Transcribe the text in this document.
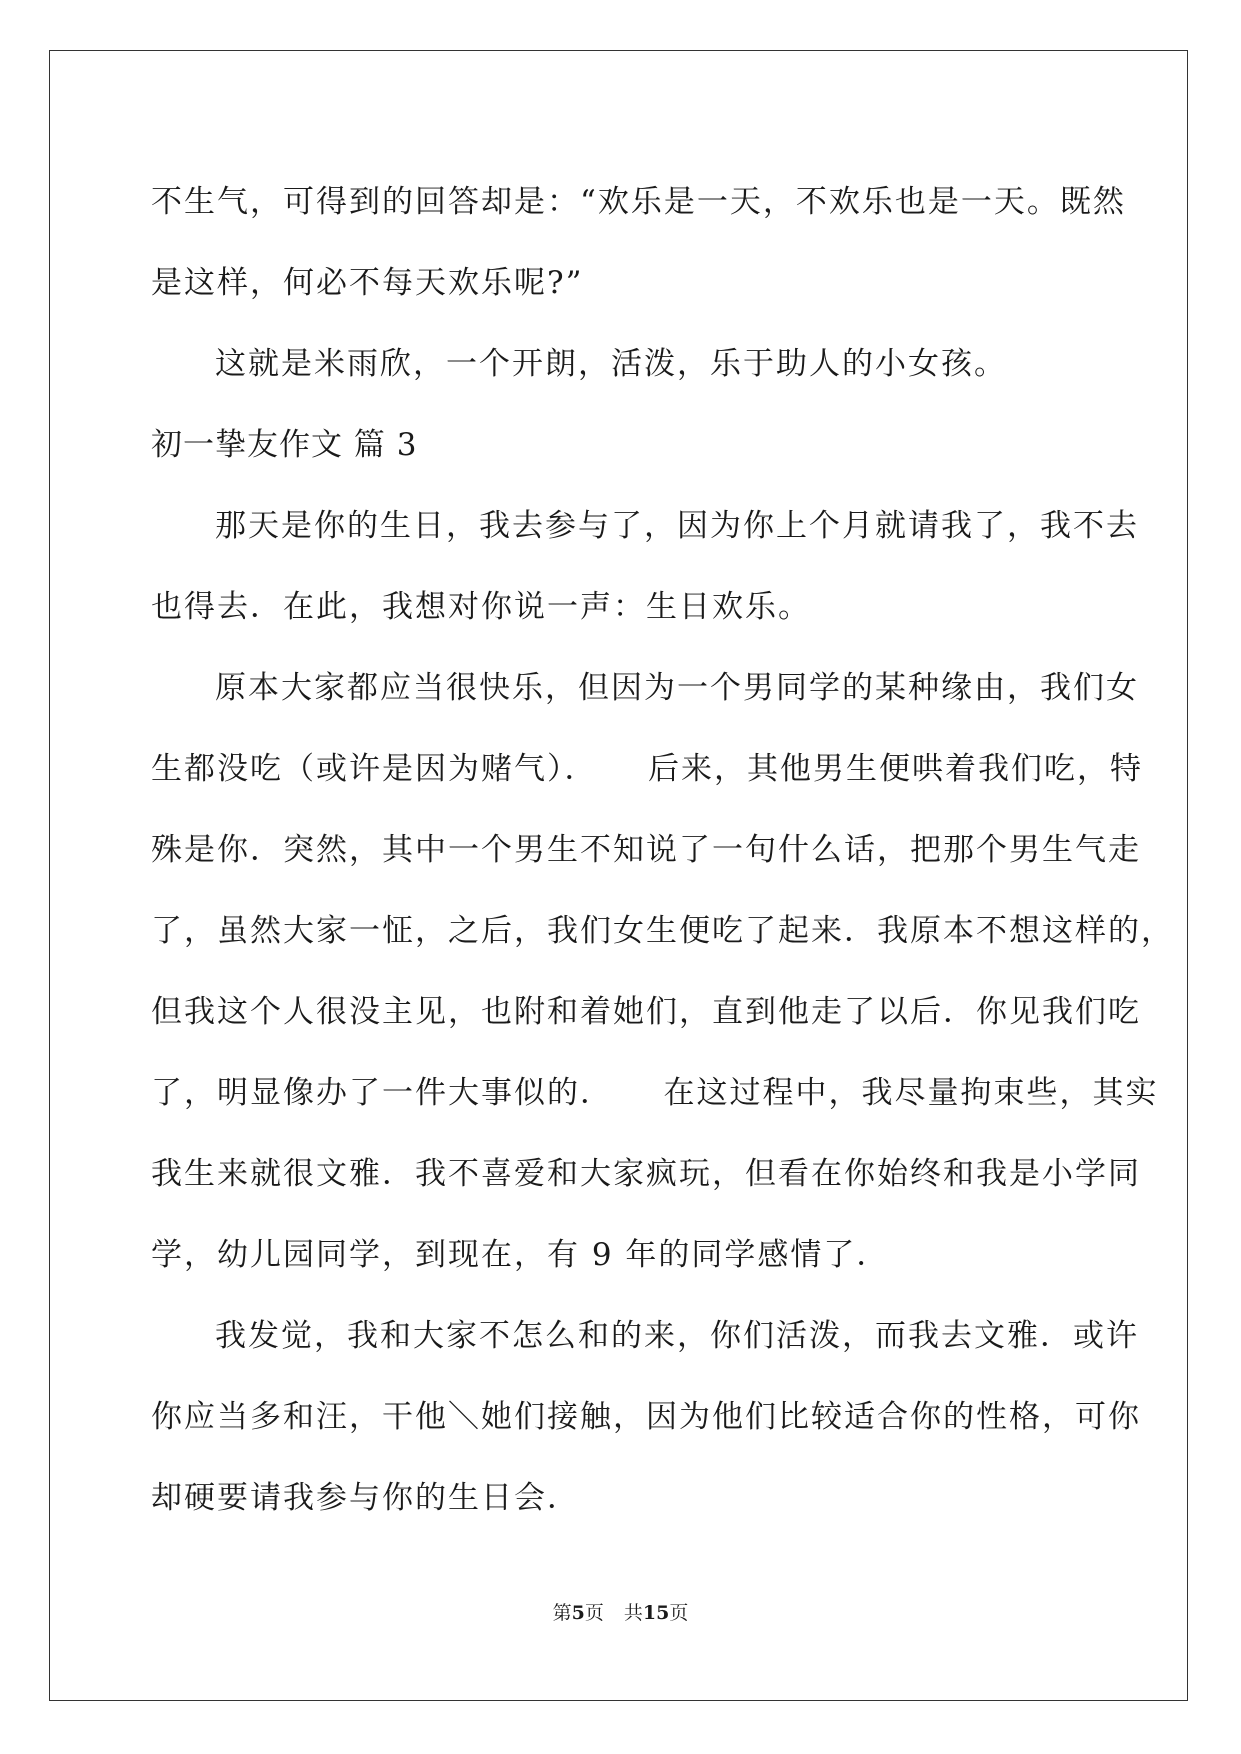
不生气，可得到的回答却是：“欢乐是一天，不欢乐也是一天。既然
是这样，何必不每天欢乐呢?”
这就是米雨欣，一个开朗，活泼，乐于助人的小女孩。
初一挚友作文 篇 3
那天是你的生日，我去参与了，因为你上个月就请我了，我不去
也得去．在此，我想对你说一声：生日欢乐。
原本大家都应当很快乐，但因为一个男同学的某种缘由，我们女
生都没吃（或许是因为赌气）．　　后来，其他男生便哄着我们吃，特
殊是你．突然，其中一个男生不知说了一句什么话，把那个男生气走
了，虽然大家一怔，之后，我们女生便吃了起来．我原本不想这样的，
但我这个人很没主见，也附和着她们，直到他走了以后．你见我们吃
了，明显像办了一件大事似的．　　在这过程中，我尽量拘束些，其实
我生来就很文雅．我不喜爱和大家疯玩，但看在你始终和我是小学同
学，幼儿园同学，到现在，有 9 年的同学感情了．
我发觉，我和大家不怎么和的来，你们活泼，而我去文雅．或许
你应当多和汪，干他＼她们接触，因为他们比较适合你的性格，可你
却硬要请我参与你的生日会．
第5页 共15页
